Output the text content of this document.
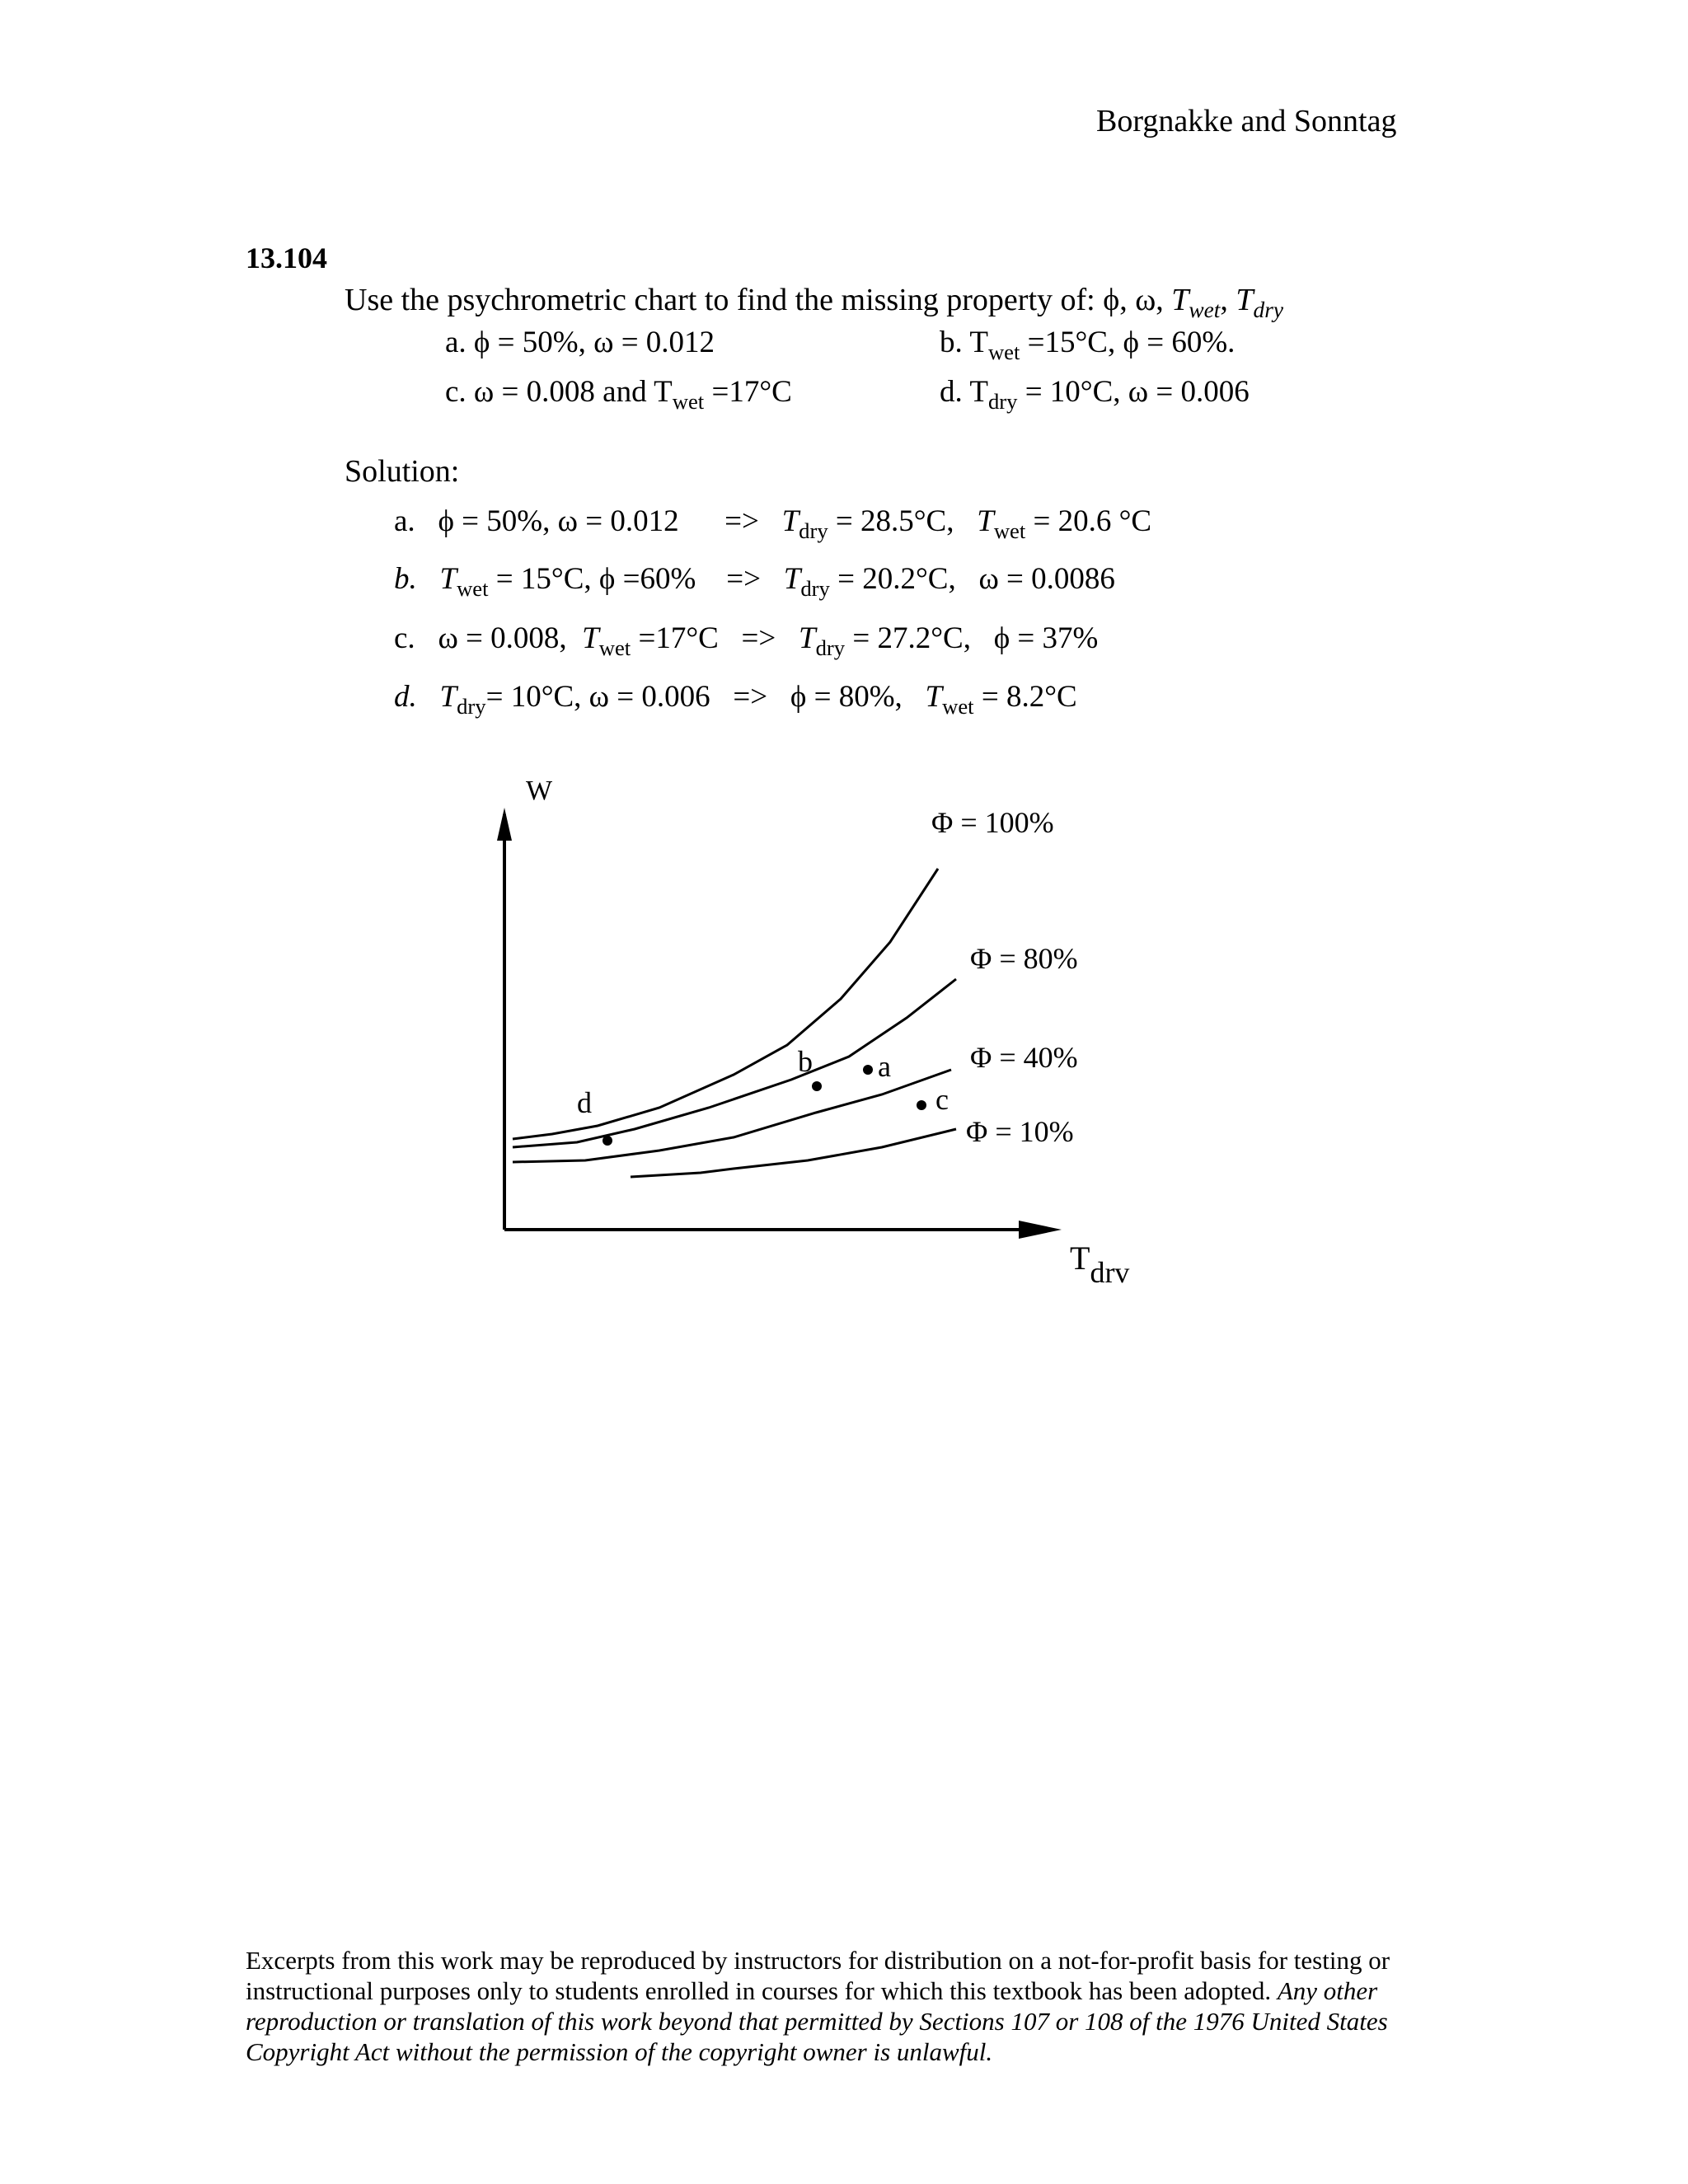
Borgnakke and Sonntag
13.104
Use the psychrometric chart to find the missing property of: ϕ, ω, $T_{wet}$, $T_{dry}$
a. ϕ = 50%, ω = 0.012	b. $T_{wet} =15^\circ C$, ϕ = 60%.
c. ω = 0.008 and $T_{wet} =17^\circ C$	d. $T_{dry} = 10^\circ C$, ω = 0.006
Solution:
a. ϕ = 50%, $\omega = 0.012 => T_{dry} = 28.5^\circ C$, $T_{wet} = 20.6$ °C
b. $T_{wet} = 15^\circ C$, $\phi =60\% => T_{dry} = 20.2^\circ C$, ω = 0.0086
c. ω = 0.008,  $T_{wet} =17^\circ C => T_{dry} = 27.2^\circ C$, ϕ = 37%
d. $T_{dry}= 10^\circ C$, ω = 0.006 => ϕ = 80%, $T_{wet} = 8.2^\circ C$
W
Tdrv
Φ = 100%
Φ = 80%
Φ = 40%
Φ = 10%
a
b
c
d
Excerpts from this work may be reproduced by instructors for distribution on a not-for-profit basis for testing or instructional purposes only to students enrolled in courses for which this textbook has been adopted. Any other reproduction or translation of this work beyond that permitted by Sections 107 or 108 of the 1976 United States Copyright Act without the permission of the copyright owner is unlawful.
